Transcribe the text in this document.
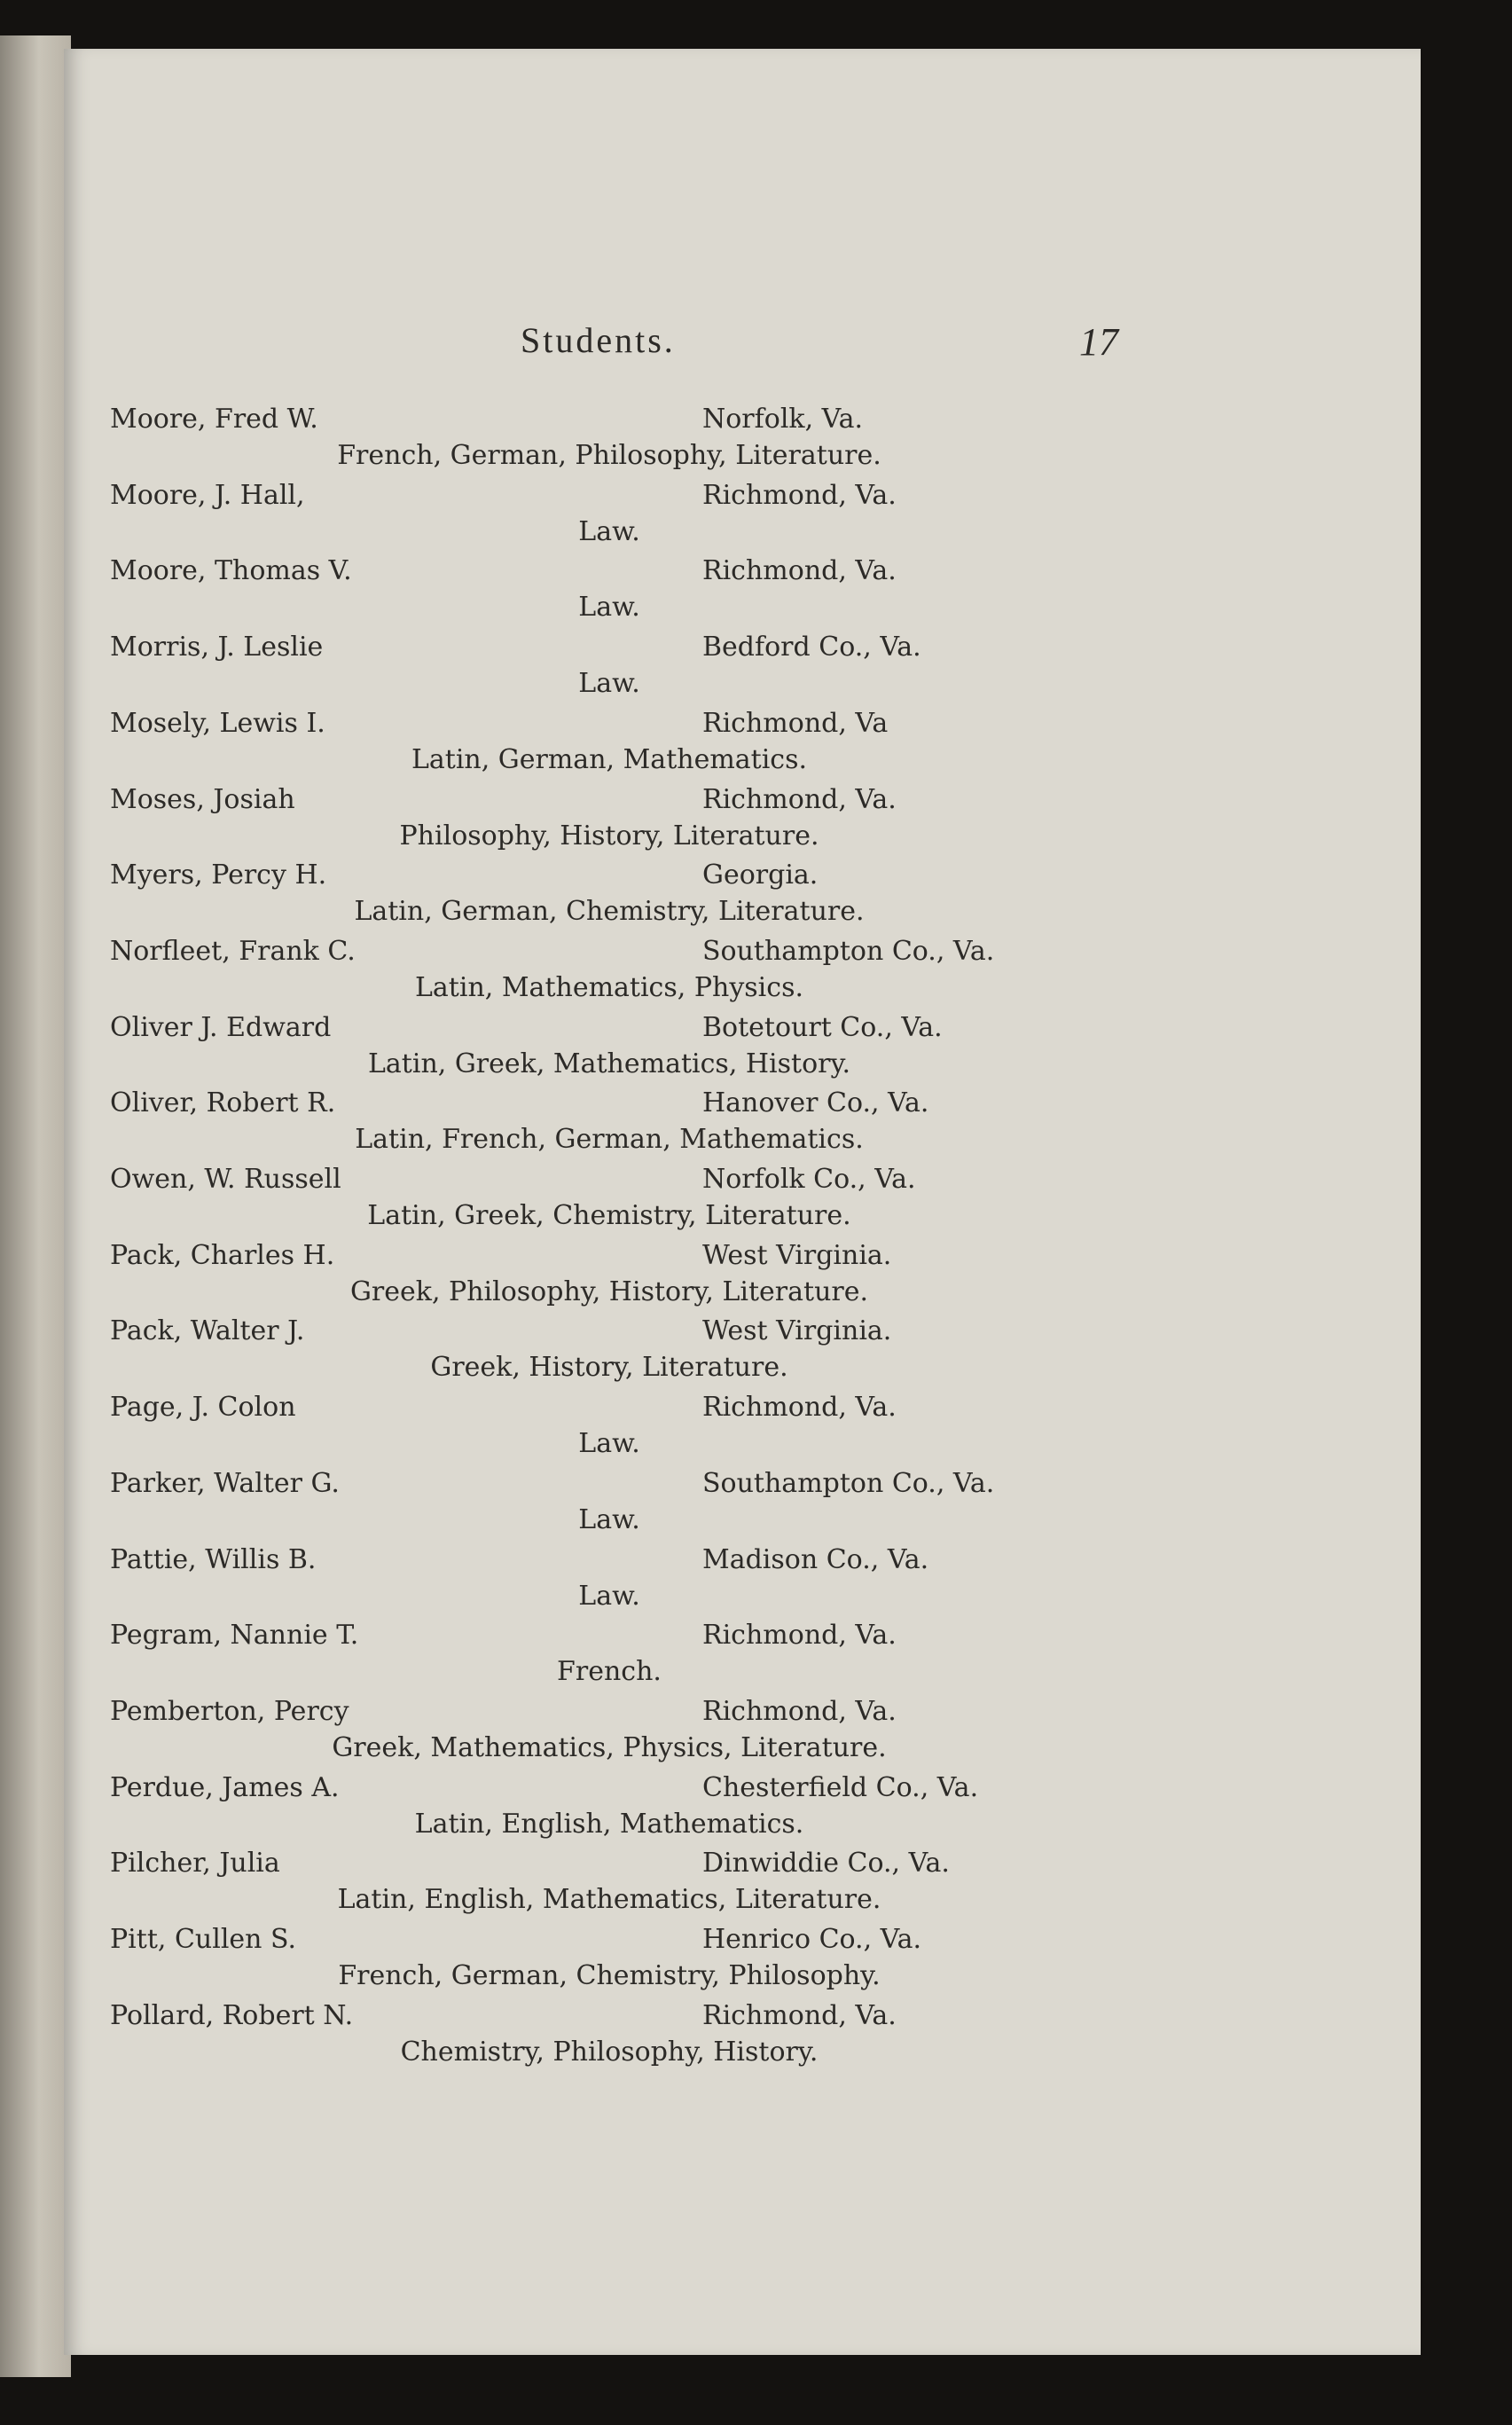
Students.	17
Moore, Fred W.	Norfolk, Va.
French, German, Philosophy, Literature.
Moore, J. Hall,	Richmond, Va.
Law.
Moore, Thomas V.	Richmond, Va.
Law.
Morris, J. Leslie	Bedford Co., Va.
Law.
Mosely, Lewis I.	Richmond, Va
Latin, German, Mathematics.
Moses, Josiah	Richmond, Va.
Philosophy, History, Literature.
Myers, Percy H.	Georgia.
Latin, German, Chemistry, Literature.
Norfleet, Frank C.	Southampton Co., Va.
Latin, Mathematics, Physics.
Oliver J. Edward	Botetourt Co., Va.
Latin, Greek, Mathematics, History.
Oliver, Robert R.	Hanover Co., Va.
Latin, French, German, Mathematics.
Owen, W. Russell	Norfolk Co., Va.
Latin, Greek, Chemistry, Literature.
Pack, Charles H.	West Virginia.
Greek, Philosophy, History, Literature.
Pack, Walter J.	West Virginia.
Greek, History, Literature.
Page, J. Colon	Richmond, Va.
Law.
Parker, Walter G.	Southampton Co., Va.
Law.
Pattie, Willis B.	Madison Co., Va.
Law.
Pegram, Nannie T.	Richmond, Va.
French.
Pemberton, Percy	Richmond, Va.
Greek, Mathematics, Physics, Literature.
Perdue, James A.	Chesterfield Co., Va.
Latin, English, Mathematics.
Pilcher, Julia	Dinwiddie Co., Va.
Latin, English, Mathematics, Literature.
Pitt, Cullen S.	Henrico Co., Va.
French, German, Chemistry, Philosophy.
Pollard, Robert N.	Richmond, Va.
Chemistry, Philosophy, History.
